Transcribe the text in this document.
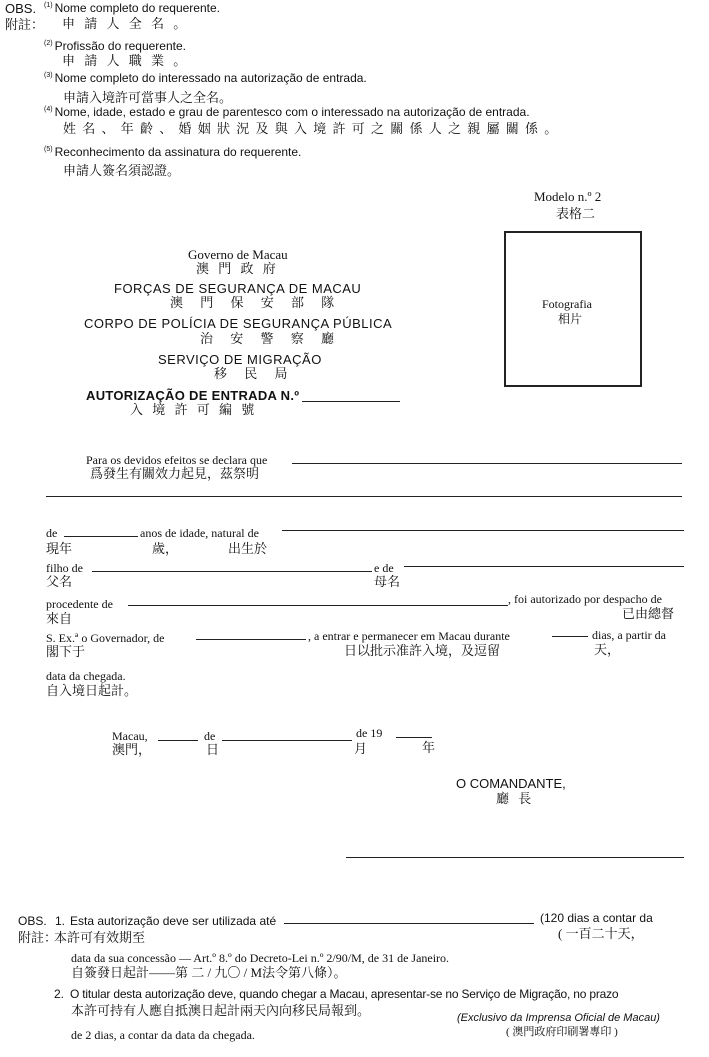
OBS.
附註：
$^{(1)}$ Nome completo do requerente.
申 請 人 全 名 。
$^{(2)}$ Profissão do requerente.
申 請 人 職 業 。
$^{(3)}$ Nome completo do interessado na autorização de entrada.
申請入境許可當事人之全名。
$^{(4)}$ Nome, idade, estado e grau de parentesco com o interessado na autorização de entrada.
姓 名 、 年 齡 、 婚 姻 狀 況 及 與 入 境 許 可 之 關 係 人 之 親 屬 關 係 。
$^{(5)}$ Reconhecimento da assinatura do requerente.
申請人簽名須認證。
Modelo n.º 2
表格二
Fotografia
相片
Governo de Macau
澳 門 政 府
FORÇAS DE SEGURANÇA DE MACAU
澳 門 保 安 部 隊
CORPO DE POLÍCIA DE SEGURANÇA PÚBLICA
治 安 警 察 廳
SERVIÇO DE MIGRAÇÃO
移 民 局
AUTORIZAÇÃO DE ENTRADA N.º
入 境 許 可 編 號
Para os devidos efeitos se declara que
爲發生有關效力起見，茲祭明
de	anos de idade, natural de
現年	歲，	出生於
filho de	e de
父名	母名
procedente de	, foi autorizado por despacho de
來自	已由總督
S. Ex.ª o Governador, de	, a entrar e permanecer em Macau durante	dias, a partir da
閣下于	日以批示准許入境，及逗留	天，
data da chegada.
自入境日起計。
Macau,	de	de 19
澳門，	日	月	年
O COMANDANTE,
廳 長
OBS.
附註：
1. Esta autorização deve ser utilizada até	(120 dias a contar da
本許可有效期至	( 一百二十天，
data da sua concessão — Art.º 8.º do Decreto-Lei n.º 2/90/M, de 31 de Janeiro.
自簽發日起計——第 二 / 九〇 / M法令第八條）。
2. O titular desta autorização deve, quando chegar a Macau, apresentar-se no Serviço de Migração, no prazo
本許可持有人應自抵澳日起計兩天內向移民局報到。
de 2 dias, a contar da data da chegada.
(Exclusivo da Imprensa Oficial de Macau)
( 澳門政府印刷署專印 )
